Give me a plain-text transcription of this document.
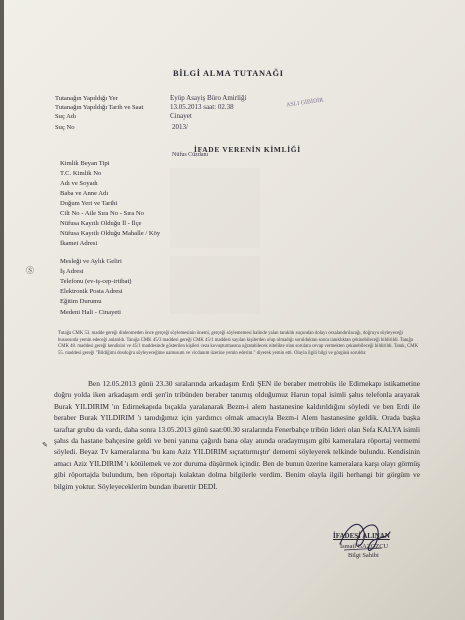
BİLGİ ALMA TUTANAĞI
Tutanağın Yapıldığı Yer	Eyüp Asayiş Büro Amirliği
Tutanağın Yapıldığı Tarih ve Saat	13.05.2013 saat: 02.38
Suç Adı	Cinayet
Suç No	2013/
İFADE VERENİN KİMLİĞİ
Kimlik Beyan Tipi
Nüfus Cüzdanı
T.C. Kimlik No
Adı ve Soyadı
Baba ve Anne Adı
Doğum Yeri ve Tarihi
Cilt No - Aile Sıra No - Sıra No
Nüfusa Kayıtlı Olduğu İl - İlçe
Nüfusa Kayıtlı Olduğu Mahalle / Köy
İkamet Adresi
Mesleği ve Aylık Geliri
İş Adresi
Telefonu (ev-iş-cep-irtibat)
Elektronik Posta Adresi
Eğitim Durumu
Medeni Hali - Cinayeti
Ⓢ
✎
Tutağa CMK 53. madde gereği dinlenmeden önce gerçeği söylemesinin önemi, gerçeği söylememesi halinde yalan tanıklık suçundan dolayı cezalandırılacağı, doğruyu söyleyeceği hususunda yemin edeceği anlatıldı. Tanığa CMK 45/3 maddesi gereği CMK 45/1 maddesi sayılan kişilerden olup olmadığı sorulduktan sonra tanıklıktan çekinebileceği bildirildi. Tanığa CMK 48. maddesi gereği kendisini ve 45/1 maddesinde gösterilen kişileri ceza kovuşturmasına uğratabilecek nitelikte olan sorulara cevap vermekten çekinebileceği bildirildi. Tanık, CMK 55. maddesi gereği "Bildiğimi dosdoğru söyleyeceğime namusum ve vicdanım üzerine yemin ederim." diyerek yemin etti. Olayla ilgili bilgi ve görgüsü soruldu:
Ben 12.05.2013 günü 23.30 sıralarında arkadaşım Erdi ŞEN ile beraber metrobüs ile Edirnekapı istikametine doğru yolda iken arkadaşım erdi şen'in tribünden beraber tanımış olduğumuz Harun topal isimli şahıs telefonla arayarak Burak YILDIRIM 'ın Edirnekapıda bıçakla yaralanarak Bezm-i alem hastanesine kaldırıldığını söyledi ve ben Erdi ile beraber Burak YILDIRIM 'ı tanıdığımız için yardımcı olmak amacıyla Bezm-i Alem hastanesine geldik. Orada başka taraftar grubu da vardı, daha sonra 13.05.2013 günü saat:00.30 sıralarında Fenerbahçe tribün lideri olan Sefa KALYA isimli şahıs da hastane bahçesine geldi ve beni yanına çağırdı bana olay anında oradaymışım gibi kameralara röportaj vermemi söyledi. Beyaz Tv kameralarına 'bu kanı Aziz YILDIRIM sıçrattırmıştır' dememi söyleyerek telkinde bulundu. Kendisinin amacı Aziz YILDIRIM 'ı kötülemek ve zor duruma düşürmek içindir. Ben de bunun üzerine kameralara karşı olayı görmüş gibi röportajda bulundum, ben röportajı kulaktan dolma bilgilerle verdim. Benim olayla ilgili herhangi bir görgüm ve bilgim yoktur. Söyleyeceklerim bundan ibarettir DEDİ.
İFADESİ ALINAN
İsmail GAZOZCU
Bilgi Sahibi
ASLI GİBİDİR
